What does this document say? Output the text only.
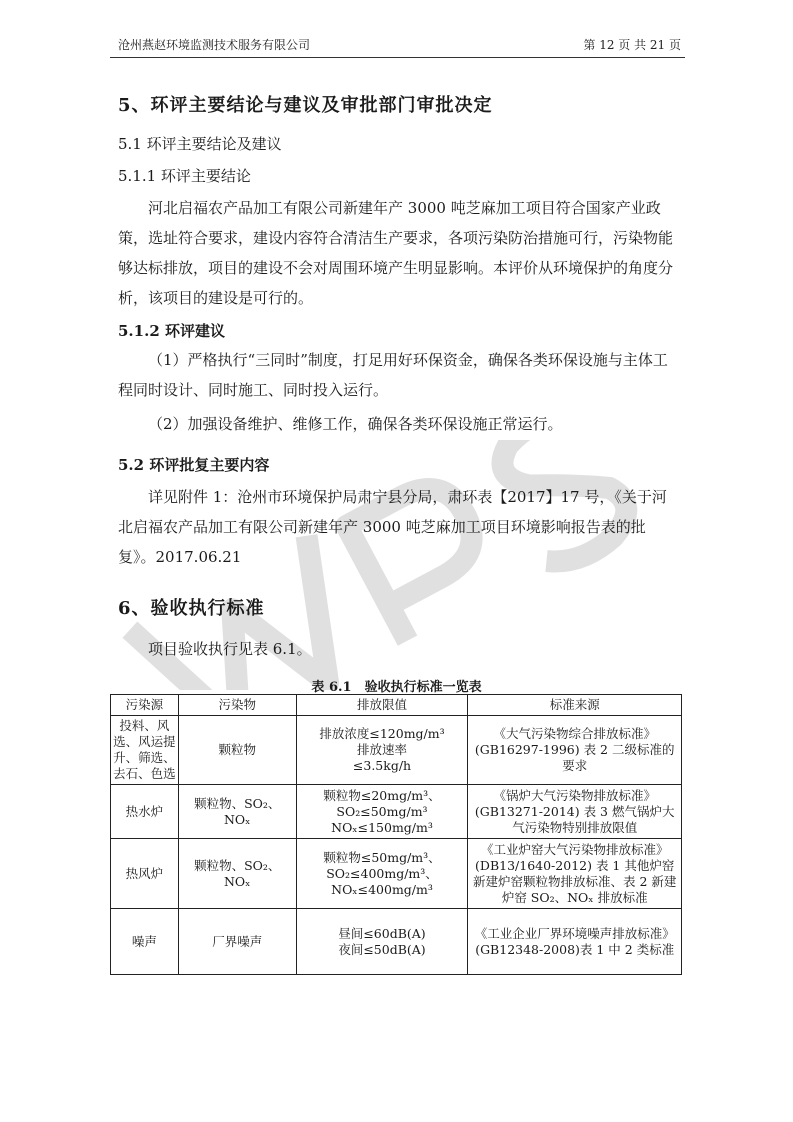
沧州燕赵环境监测技术服务有限公司	第 12 页 共 21 页
5、环评主要结论与建议及审批部门审批决定
5.1 环评主要结论及建议
5.1.1 环评主要结论

河北启福农产品加工有限公司新建年产 3000 吨芝麻加工项目符合国家产业政策，选址符合要求，建设内容符合清洁生产要求，各项污染防治措施可行，污染物能够达标排放，项目的建设不会对周围环境产生明显影响。本评价从环境保护的角度分析，该项目的建设是可行的。

5.1.2 环评建议

（1）严格执行“三同时”制度，打足用好环保资金，确保各类环保设施与主体工程同时设计、同时施工、同时投入运行。

（2）加强设备维护、维修工作，确保各类环保设施正常运行。

5.2 环评批复主要内容

详见附件 1：沧州市环境保护局肃宁县分局，肃环表【2017】17 号，《关于河北启福农产品加工有限公司新建年产 3000 吨芝麻加工项目环境影响报告表的批复》。2017.06.21

6、验收执行标准

项目验收执行见表 6.1。

表 6.1　验收执行标准一览表
污染源	污染物	排放限值	标准来源
投料、风选、风运提升、筛选、去石、色选	颗粒物	排放浓度≤120mg/m³
排放速率
≤3.5kg/h	《大气污染物综合排放标准》(GB16297-1996) 表 2 二级标准的要求
热水炉	颗粒物、SO₂、NOₓ	颗粒物≤20mg/m³、
SO₂≤50mg/m³
NOₓ≤150mg/m³	《锅炉大气污染物排放标准》(GB13271-2014) 表 3 燃气锅炉大气污染物特别排放限值
热风炉	颗粒物、SO₂、NOₓ	颗粒物≤50mg/m³、
SO₂≤400mg/m³、
NOₓ≤400mg/m³	《工业炉窑大气污染物排放标准》(DB13/1640-2012) 表 1 其他炉窑新建炉窑颗粒物排放标准、表 2 新建炉窑 SO₂、NOₓ 排放标准
噪声	厂界噪声	昼间≤60dB(A)
夜间≤50dB(A)	《工业企业厂界环境噪声排放标准》(GB12348-2008)表 1 中 2 类标准
